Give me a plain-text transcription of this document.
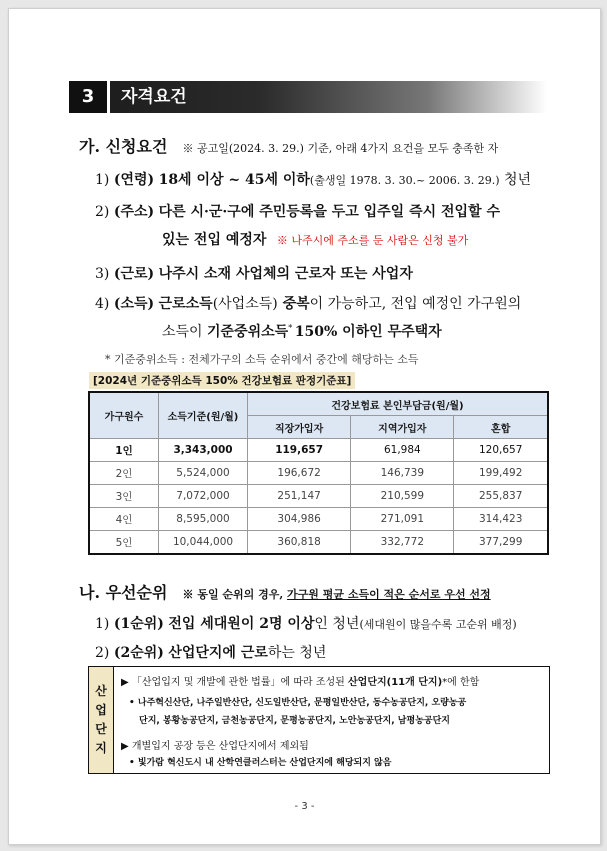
3	자격요건
가. 신청요건 ※ 공고일(2024. 3. 29.) 기준, 아래 4가지 요건을 모두 충족한 자
1) (연령) 18세 이상 ~ 45세 이하(출생일 1978. 3. 30.~ 2006. 3. 29.) 청년
2) (주소) 다른 시·군·구에 주민등록을 두고 입주일 즉시 전입할 수
있는 전입 예정자 ※ 나주시에 주소를 둔 사람은 신청 불가
3) (근로) 나주시 소재 사업체의 근로자 또는 사업자
4) (소득) 근로소득(사업소득) 중복이 가능하고, 전입 예정인 가구원의
소득이 기준중위소득* 150% 이하인 무주택자
* 기준중위소득 : 전체가구의 소득 순위에서 중간에 해당하는 소득
[2024년 기준중위소득 150% 건강보험료 판정기준표]
가구원수	소득기준(원/월)	건강보험료 본인부담금(원/월)		
		직장가입자	지역가입자	혼합
1인	3,343,000	119,657	61,984	120,657
2인	5,524,000	196,672	146,739	199,492
3인	7,072,000	251,147	210,599	255,837
4인	8,595,000	304,986	271,091	314,423
5인	10,044,000	360,818	332,772	377,299
나. 우선순위 ※ 동일 순위의 경우, 가구원 평균 소득이 적은 순서로 우선 선정
1) (1순위) 전입 세대원이 2명 이상인 청년(세대원이 많을수록 고순위 배정)
2) (2순위) 산업단지에 근로하는 청년
산
업
단
지
▶ 「산업입지 및 개발에 관한 법률」에 따라 조성된 산업단지(11개 단지)*에 한함
• 나주혁신산단, 나주일반산단, 신도일반산단, 문평일반산단, 동수농공단지, 오량농공
단지, 봉황농공단지, 금천농공단지, 문평농공단지, 노안농공단지, 남평농공단지
▶ 개별입지 공장 등은 산업단지에서 제외됨
• 빛가람 혁신도시 내 산학연클러스터는 산업단지에 해당되지 않음
- 3 -
